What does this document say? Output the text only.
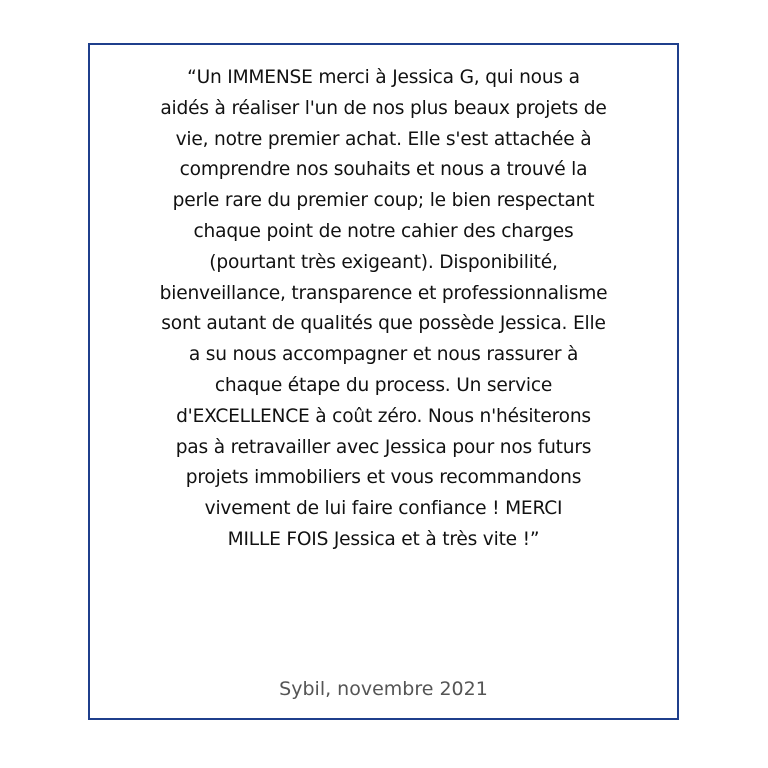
“Un IMMENSE merci à Jessica G, qui nous a
aidés à réaliser l'un de nos plus beaux projets de
vie, notre premier achat. Elle s'est attachée à
comprendre nos souhaits et nous a trouvé la
perle rare du premier coup; le bien respectant
chaque point de notre cahier des charges
(pourtant très exigeant). Disponibilité,
bienveillance, transparence et professionnalisme
sont autant de qualités que possède Jessica. Elle
a su nous accompagner et nous rassurer à
chaque étape du process. Un service
d'EXCELLENCE à coût zéro. Nous n'hésiterons
pas à retravailler avec Jessica pour nos futurs
projets immobiliers et vous recommandons
vivement de lui faire confiance ! MERCI
MILLE FOIS Jessica et à très vite !”

Sybil, novembre 2021
